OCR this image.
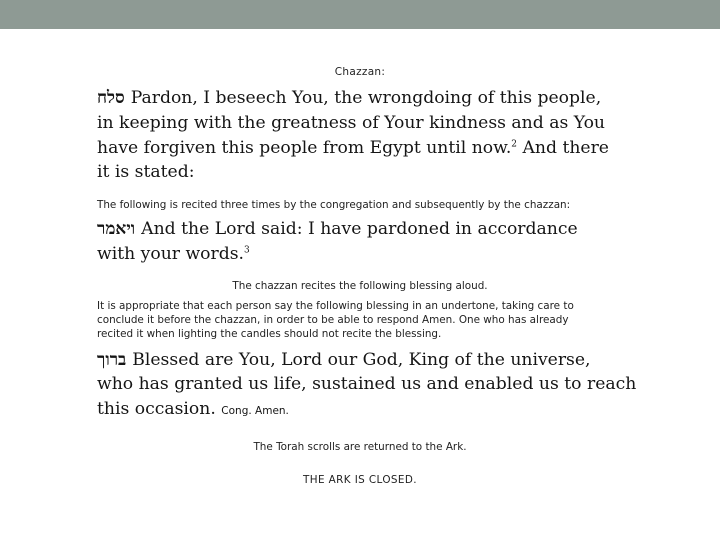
Chazzan:
סלח Pardon, I beseech You, the wrongdoing of this people,
in keeping with the greatness of Your kindness and as You
have forgiven this people from Egypt until now.$^2$ And there
it is stated:
The following is recited three times by the congregation and subsequently by the chazzan:
ויאמר And the Lord said: I have pardoned in accordance
with your words.$^3$
The chazzan recites the following blessing aloud.
It is appropriate that each person say the following blessing in an undertone, taking care to
conclude it before the chazzan, in order to be able to respond Amen. One who has already
recited it when lighting the candles should not recite the blessing.
ברוך Blessed are You, Lord our God, King of the universe,
who has granted us life, sustained us and enabled us to reach
this occasion. Cong. Amen.
The Torah scrolls are returned to the Ark.
THE ARK IS CLOSED.
